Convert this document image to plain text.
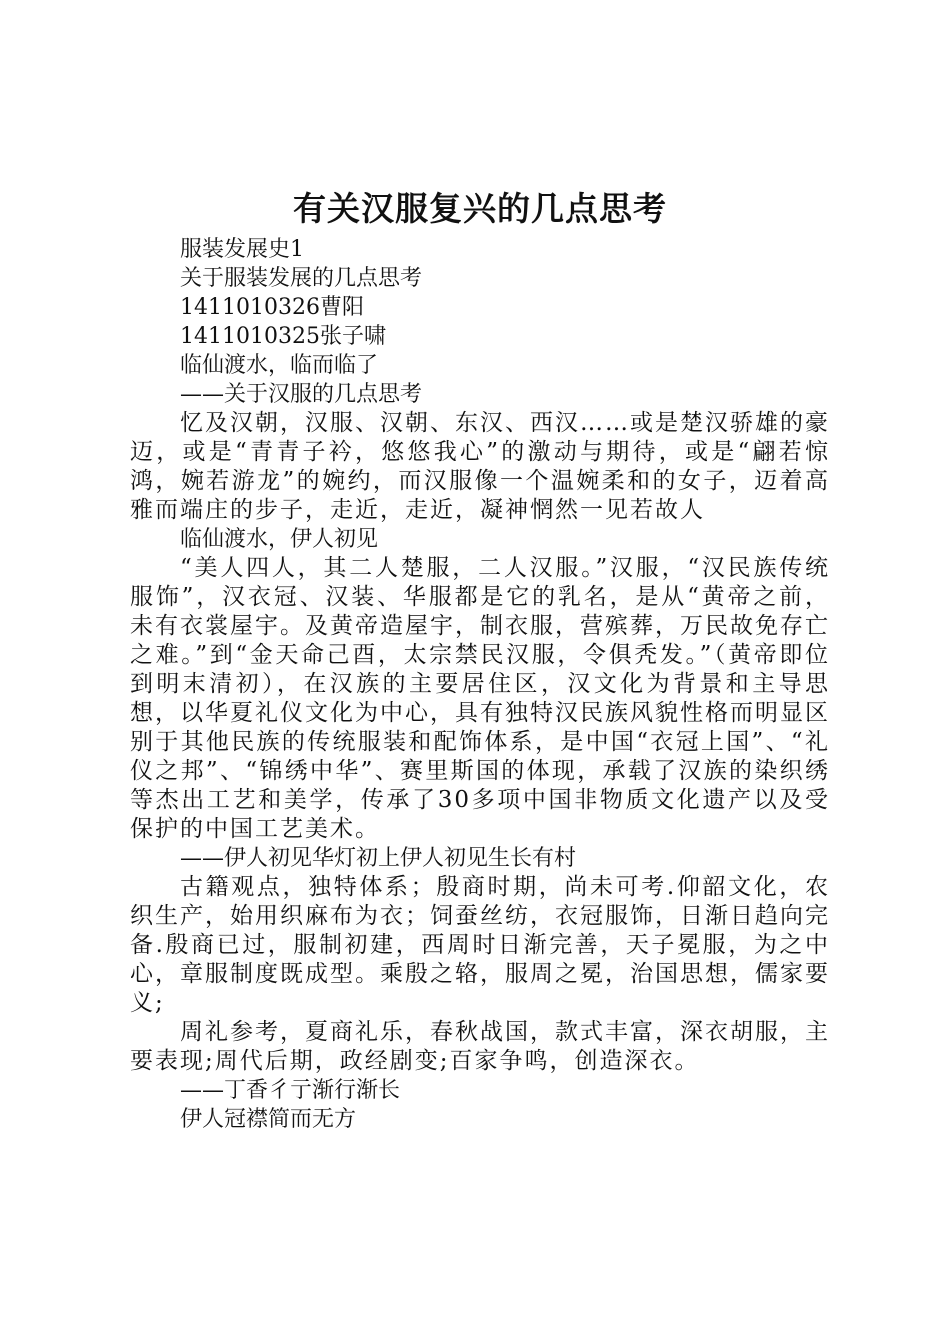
有关汉服复兴的几点思考

服装发展史1

关于服装发展的几点思考

1411010326曹阳

1411010325张子啸

临仙渡水，临而临了

——关于汉服的几点思考

忆及汉朝，汉服、汉朝、东汉、西汉……或是楚汉骄雄的豪迈，或是“青青子衿，悠悠我心”的激动与期待，或是“翩若惊鸿，婉若游龙”的婉约，而汉服像一个温婉柔和的女子，迈着高雅而端庄的步子，走近，走近，凝神惘然一见若故人

临仙渡水，伊人初见

“美人四人，其二人楚服，二人汉服。”汉服，“汉民族传统服饰”，汉衣冠、汉装、华服都是它的乳名，是从“黄帝之前，未有衣裳屋宇。及黄帝造屋宇，制衣服，营殡葬，万民故免存亡之难。”到“金天命己酉，太宗禁民汉服，令俱秃发。”（黄帝即位到明末清初），在汉族的主要居住区，汉文化为背景和主导思想，以华夏礼仪文化为中心，具有独特汉民族风貌性格而明显区别于其他民族的传统服装和配饰体系，是中国“衣冠上国”、“礼仪之邦”、“锦绣中华”、赛里斯国的体现，承载了汉族的染织绣等杰出工艺和美学，传承了30多项中国非物质文化遗产以及受保护的中国工艺美术。

——伊人初见华灯初上伊人初见生长有村

古籍观点，独特体系；殷商时期，尚未可考.仰韶文化，农织生产，始用织麻布为衣；饲蚕丝纺，衣冠服饰，日渐日趋向完备.殷商已过，服制初建，西周时日渐完善，天子冕服，为之中心，章服制度既成型。乘殷之辂，服周之冕，治国思想，儒家要义;

周礼参考，夏商礼乐，春秋战国，款式丰富，深衣胡服，主要表现;周代后期，政经剧变;百家争鸣，创造深衣。

——丁香彳亍渐行渐长

伊人冠襟简而无方
